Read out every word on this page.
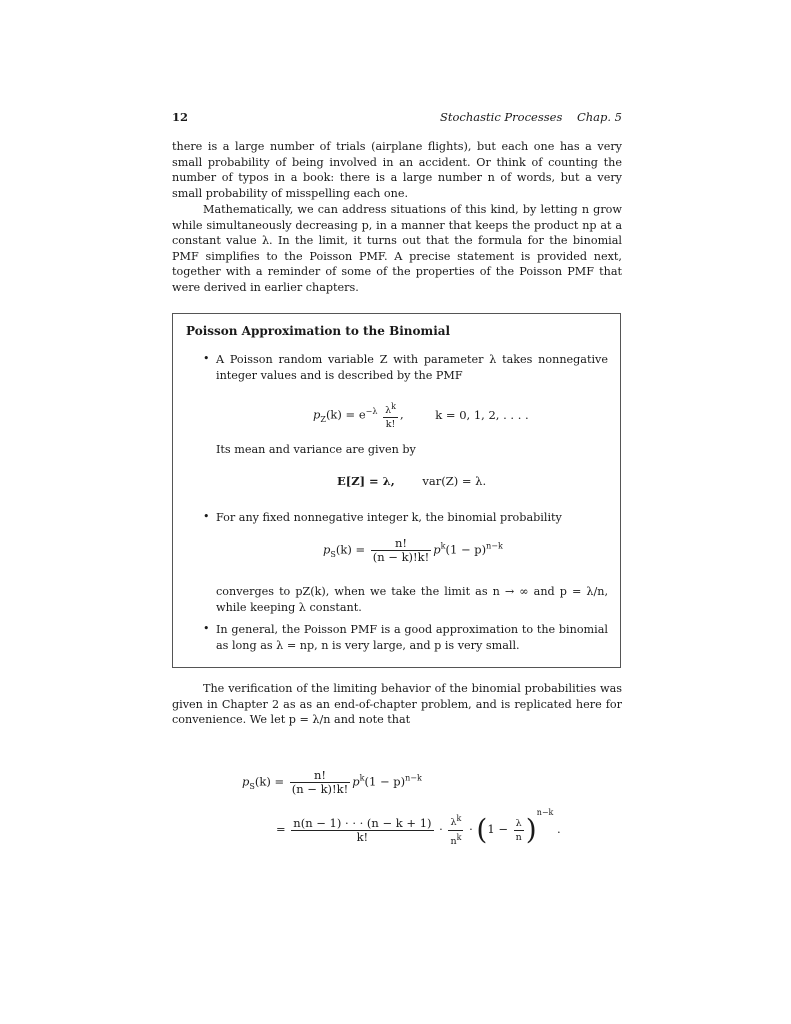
12	Stochastic Processes Chap. 5

there is a large number of trials (airplane flights), but each one has a very small probability of being involved in an accident. Or think of counting the number of typos in a book: there is a large number n of words, but a very small probability of misspelling each one.

Mathematically, we can address situations of this kind, by letting n grow while simultaneously decreasing p, in a manner that keeps the product np at a constant value λ. In the limit, it turns out that the formula for the binomial PMF simplifies to the Poisson PMF. A precise statement is provided next, together with a reminder of some of the properties of the Poisson PMF that were derived in earlier chapters.

Poisson Approximation to the Binomial
• A Poisson random variable Z with parameter λ takes nonnegative integer values and is described by the PMF

$p_Z(k) = e^{-\lambda} \frac{\lambda^k}{k!}$ , k = 0, 1, 2, . . . .

Its mean and variance are given by

E[Z] = λ, var(Z) = λ.
• For any fixed nonnegative integer k, the binomial probability

$p_S(k) = \frac{n!}{(n - k)!k!} p^k(1 - p)^{n-k}$

converges to pZ(k), when we take the limit as n → ∞ and p = λ/n, while keeping λ constant.

• In general, the Poisson PMF is a good approximation to the binomial as long as λ = np, n is very large, and p is very small.

The verification of the limiting behavior of the binomial probabilities was given in Chapter 2 as as an end-of-chapter problem, and is replicated here for convenience. We let p = λ/n and note that

$p_S(k) = \frac{n!}{(n - k)!k!} p^k(1 - p)^{n-k}$
= $\frac{n(n - 1) \cdot \cdot \cdot (n - k + 1)}{k!} \cdot \frac{\lambda^k}{n^k} \cdot (1 - \frac{\lambda}{n} )^{n-k}$ .
